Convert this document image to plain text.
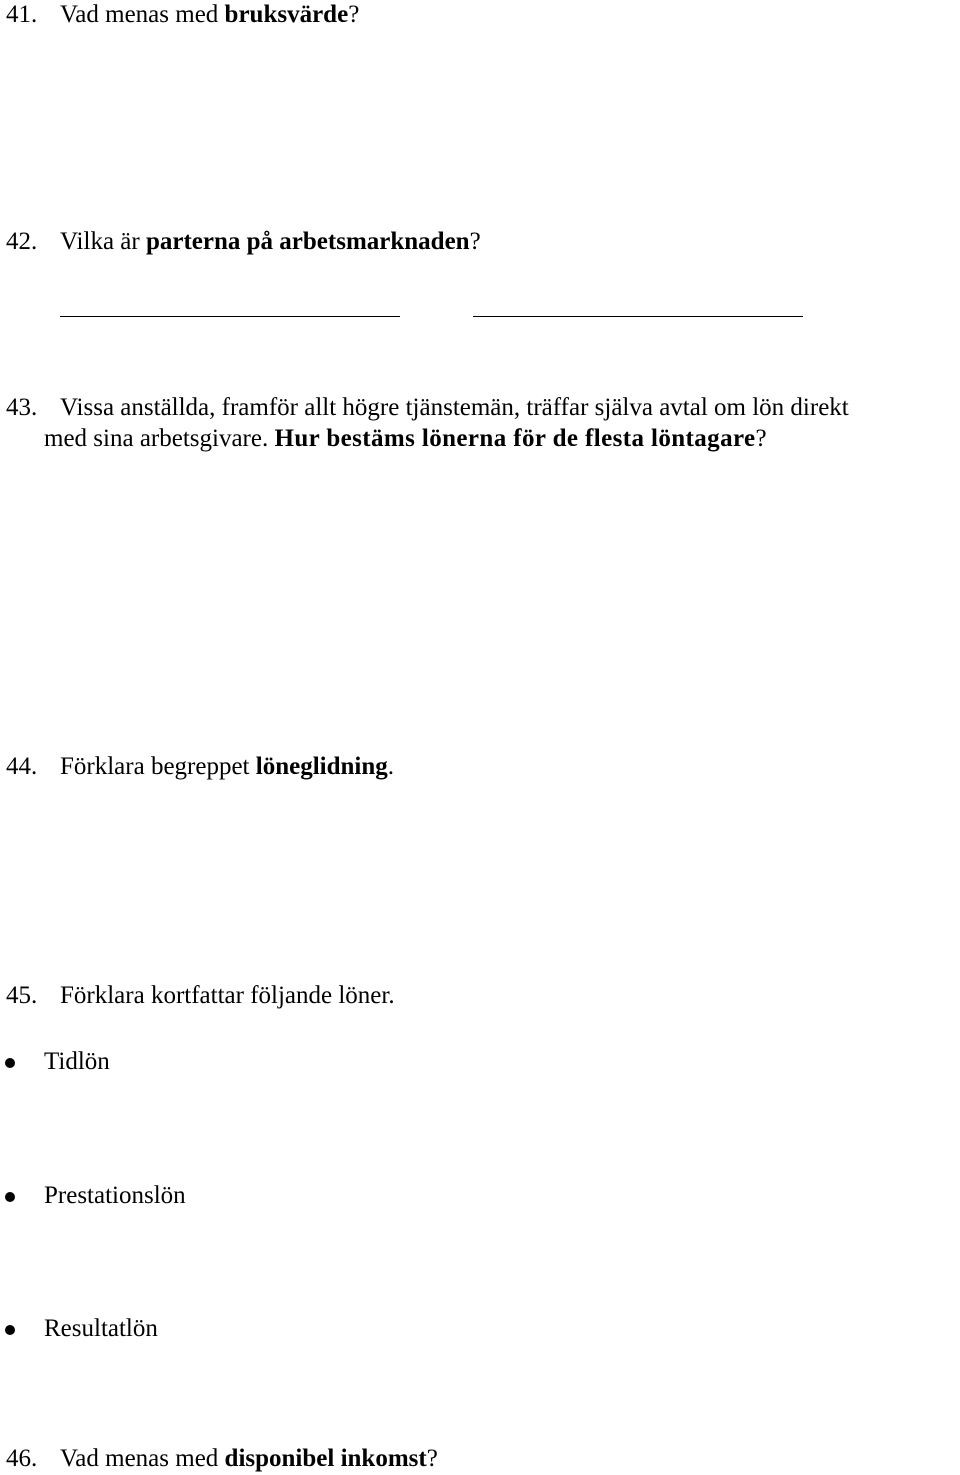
41. Vad menas med bruksvärde?
42. Vilka är parterna på arbetsmarknaden?
43. Vissa anställda, framför allt högre tjänstemän, träffar själva avtal om lön direkt
med sina arbetsgivare. Hur bestäms lönerna för de flesta löntagare?
44. Förklara begreppet löneglidning.
45. Förklara kortfattar följande löner.
Tidlön
Prestationslön
Resultatlön
46. Vad menas med disponibel inkomst?
